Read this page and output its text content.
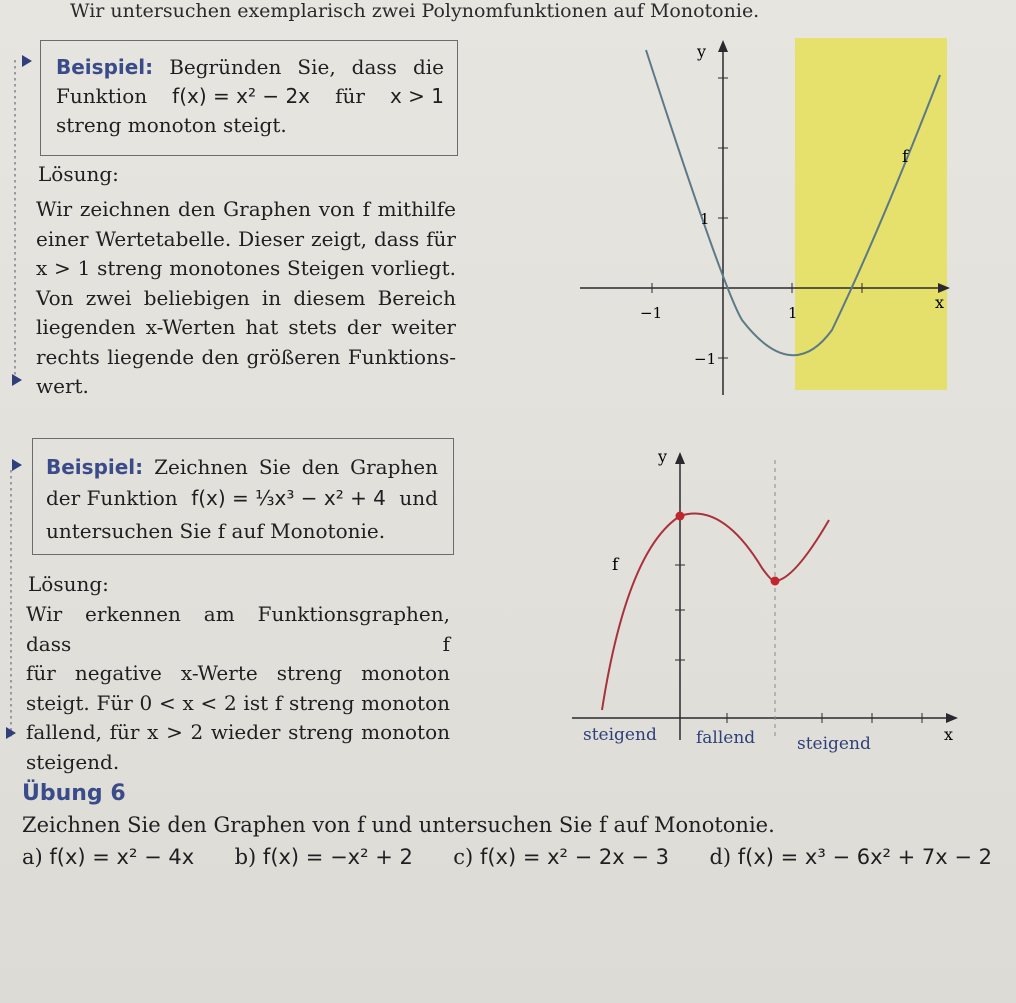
Wir untersuchen exemplarisch zwei Polynomfunktionen auf Monotonie.
Beispiel: Begründen Sie, dass die
Funktion f(x) = x² − 2x für x > 1
streng monoton steigt.
Lösung:
Wir zeichnen den Graphen von f mithilfe
einer Wertetabelle. Dieser zeigt, dass für
x > 1 streng monotones Steigen vorliegt.
Von zwei beliebigen in diesem Bereich
liegenden x-Werten hat stets der weiter
rechts liegende den größeren Funktions-
wert.
y
x
−1	1
1
−1
f
Beispiel: Zeichnen Sie den Graphen
der Funktion f(x) = ⅓x³ − x² + 4 und
untersuchen Sie f auf Monotonie.
Lösung:
Wir erkennen am Funktionsgraphen, dass f
für negative x-Werte streng monoton
steigt. Für 0 < x < 2 ist f streng monoton
fallend, für x > 2 wieder streng monoton
steigend.
y
x
f
steigend fallend steigend
Übung 6
Zeichnen Sie den Graphen von f und untersuchen Sie f auf Monotonie.
a) f(x) = x² − 4x b) f(x) = −x² + 2 c) f(x) = x² − 2x − 3 d) f(x) = x³ − 6x² + 7x − 2
